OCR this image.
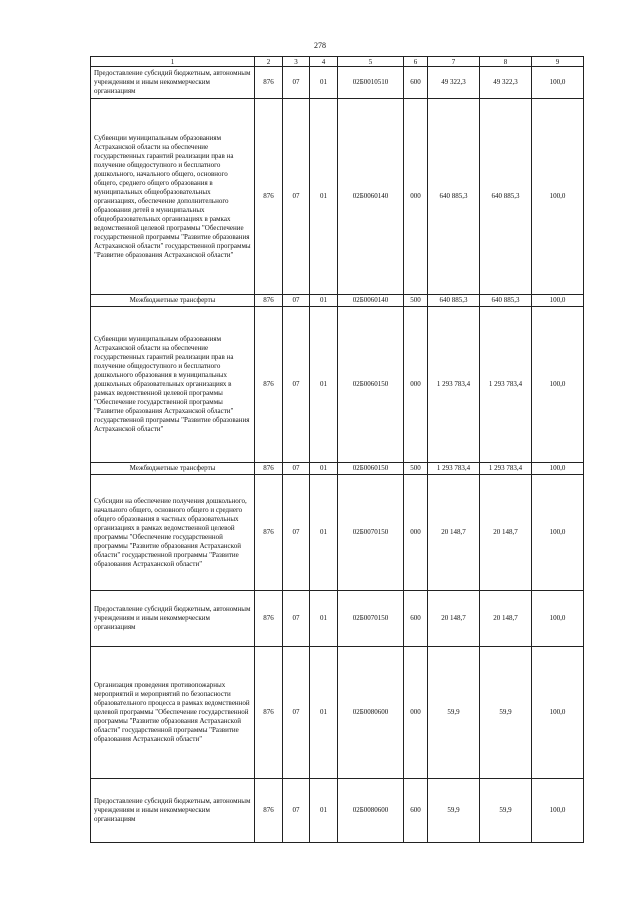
278
1	2	3	4	5	6	7	8	9
Предоставление субсидий бюджетным, автономным учреждениям и иным некоммерческим организациям	876	07	01	02Б0010510	600	49 322,3	49 322,3	100,0
Субвенции муниципальным образованиям Астраханской области на обеспечение государственных гарантий реализации прав на получение общедоступного и бесплатного дошкольного, начального общего, основного общего, среднего общего образования в муниципальных общеобразовательных организациях, обеспечение дополнительного образования детей в муниципальных общеобразовательных организациях в рамках ведомственной целевой программы "Обеспечение государственной программы "Развитие образования Астраханской области" государственной программы "Развитие образования Астраханской области"	876	07	01	02Б0060140	000	640 885,3	640 885,3	100,0
Межбюджетные трансферты	876	07	01	02Б0060140	500	640 885,3	640 885,3	100,0
Субвенции муниципальным образованиям Астраханской области на обеспечение государственных гарантий реализации прав на получение общедоступного и бесплатного дошкольного образования в муниципальных дошкольных образовательных организациях в рамках ведомственной целевой программы "Обеспечение государственной программы "Развитие образования Астраханской области" государственной программы "Развитие образования Астраханской области"	876	07	01	02Б0060150	000	1 293 783,4	1 293 783,4	100,0
Межбюджетные трансферты	876	07	01	02Б0060150	500	1 293 783,4	1 293 783,4	100,0
Субсидии на обеспечение получения дошкольного, начального общего, основного общего и среднего общего образования в частных образовательных организациях в рамках ведомственной целевой программы "Обеспечение государственной программы "Развитие образования Астраханской области" государственной программы "Развитие образования Астраханской области"	876	07	01	02Б0070150	000	20 148,7	20 148,7	100,0
Предоставление субсидий бюджетным, автономным учреждениям и иным некоммерческим организациям	876	07	01	02Б0070150	600	20 148,7	20 148,7	100,0
Организация проведения противопожарных мероприятий и мероприятий по безопасности образовательного процесса в рамках ведомственной целевой программы "Обеспечение государственной программы "Развитие образования Астраханской области" государственной программы "Развитие образования Астраханской области"	876	07	01	02Б0080600	000	59,9	59,9	100,0
Предоставление субсидий бюджетным, автономным учреждениям и иным некоммерческим организациям	876	07	01	02Б0080600	600	59,9	59,9	100,0
